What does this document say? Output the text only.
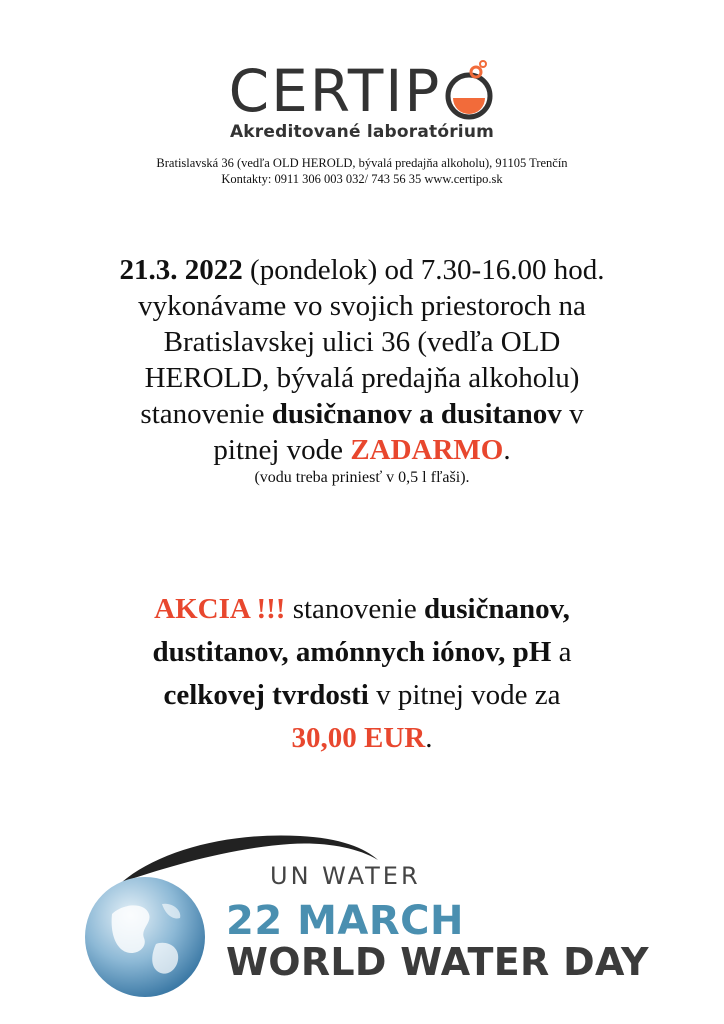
CERTIP
Akreditované laboratórium
Bratislavská 36 (vedľa OLD HEROLD, bývalá predajňa alkoholu), 91105 Trenčín
Kontakty: 0911 306 003 032/ 743 56 35 www.certipo.sk
21.3. 2022 (pondelok) od 7.30-16.00 hod.
vykonávame vo svojich priestoroch na
Bratislavskej ulici 36 (vedľa OLD
HEROLD, bývalá predajňa alkoholu)
stanovenie dusičnanov a dusitanov v
pitnej vode ZADARMO.
(vodu treba priniesť v 0,5 l fľaši).
AKCIA !!! stanovenie dusičnanov,
dustitanov, amónnych iónov, pH a
celkovej tvrdosti v pitnej vode za
30,00 EUR.
UN WATER
22 MARCH
WORLD WATER DAY
